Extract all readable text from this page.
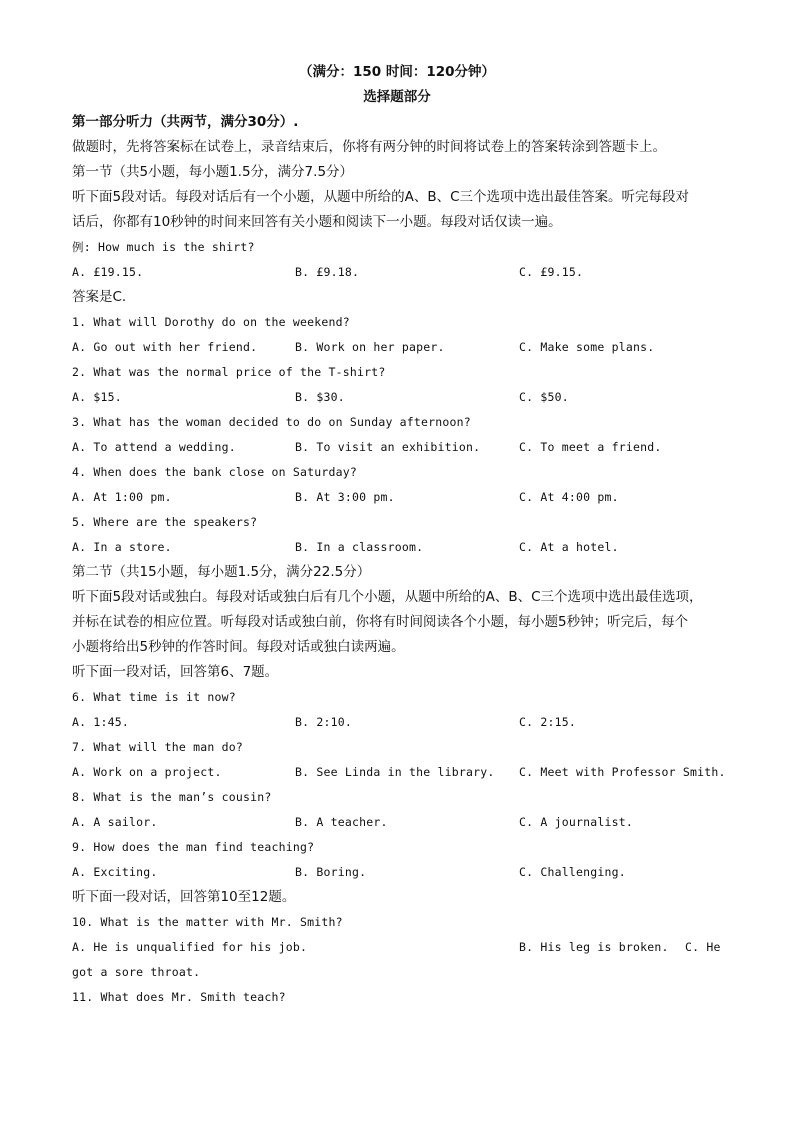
（满分：150 时间：120分钟）
选择题部分
第一部分听力（共两节，满分30分）.
做题时，先将答案标在试卷上，录音结束后，你将有两分钟的时间将试卷上的答案转涂到答题卡上。
第一节（共5小题，每小题1.5分，满分7.5分）
听下面5段对话。每段对话后有一个小题，从题中所给的A、B、C三个选项中选出最佳答案。听完每段对
话后，你都有10秒钟的时间来回答有关小题和阅读下一小题。每段对话仅读一遍。
例: How much is the shirt?
A. £19.15.	B. £9.18.	C. £9.15.
答案是C.
1. What will Dorothy do on the weekend?
A. Go out with her friend.	B. Work on her paper.	C. Make some plans.
2. What was the normal price of the T-shirt?
A. $15.	B. $30.	C. $50.
3. What has the woman decided to do on Sunday afternoon?
A. To attend a wedding.	B. To visit an exhibition.	C. To meet a friend.
4. When does the bank close on Saturday?
A. At 1:00 pm.	B. At 3:00 pm.	C. At 4:00 pm.
5. Where are the speakers?
A. In a store.	B. In a classroom.	C. At a hotel.
第二节（共15小题，每小题1.5分，满分22.5分）
听下面5段对话或独白。每段对话或独白后有几个小题，从题中所给的A、B、C三个选项中选出最佳选项，
并标在试卷的相应位置。听每段对话或独白前，你将有时间阅读各个小题，每小题5秒钟；听完后，每个
小题将给出5秒钟的作答时间。每段对话或独白读两遍。
听下面一段对话，回答第6、7题。
6. What time is it now?
A. 1:45.	B. 2:10.	C. 2:15.
7. What will the man do?
A. Work on a project.	B. See Linda in the library. C. Meet with Professor Smith.
8. What is the man’s cousin?
A. A sailor.	B. A teacher.	C. A journalist.
9. How does the man find teaching?
A. Exciting.	B. Boring.	C. Challenging.
听下面一段对话，回答第10至12题。
10. What is the matter with Mr. Smith?
A. He is unqualified for his job.	B. His leg is broken. C. He
got a sore throat.
11. What does Mr. Smith teach?
